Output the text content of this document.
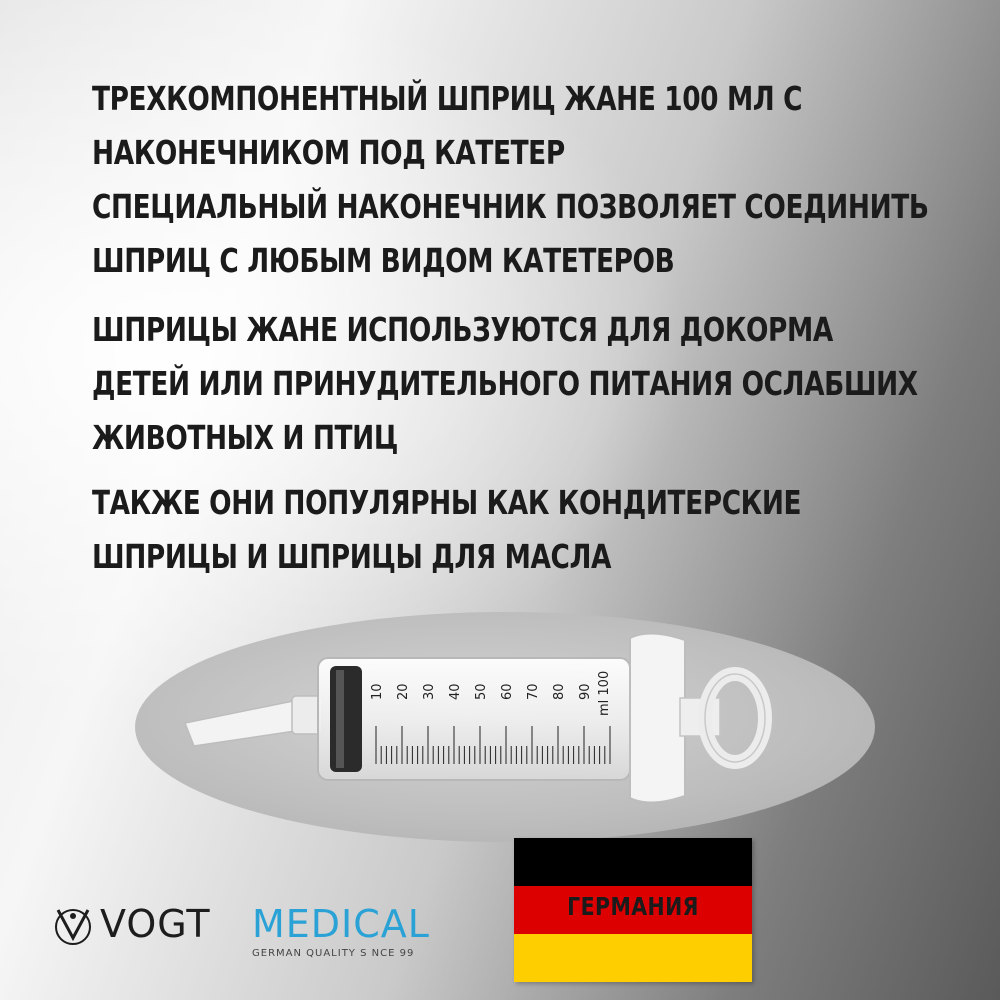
ТРЕХКОМПОНЕНТНЫЙ ШПРИЦ ЖАНЕ 100 МЛ С
НАКОНЕЧНИКОМ ПОД КАТЕТЕР
СПЕЦИАЛЬНЫЙ НАКОНЕЧНИК ПОЗВОЛЯЕТ СОЕДИНИТЬ
ШПРИЦ С ЛЮБЫМ ВИДОМ КАТЕТЕРОВ
ШПРИЦЫ ЖАНЕ ИСПОЛЬЗУЮТСЯ ДЛЯ ДОКОРМА
ДЕТЕЙ ИЛИ ПРИНУДИТЕЛЬНОГО ПИТАНИЯ ОСЛАБШИХ
ЖИВОТНЫХ И ПТИЦ
ТАКЖЕ ОНИ ПОПУЛЯРНЫ КАК КОНДИТЕРСКИЕ
ШПРИЦЫ И ШПРИЦЫ ДЛЯ МАСЛА
ml 100
10 20 30 40 50 60 70 80 90
VOGT MEDICAL
GERMAN QUALITY S NCE 99
ГЕРМАНИЯ
